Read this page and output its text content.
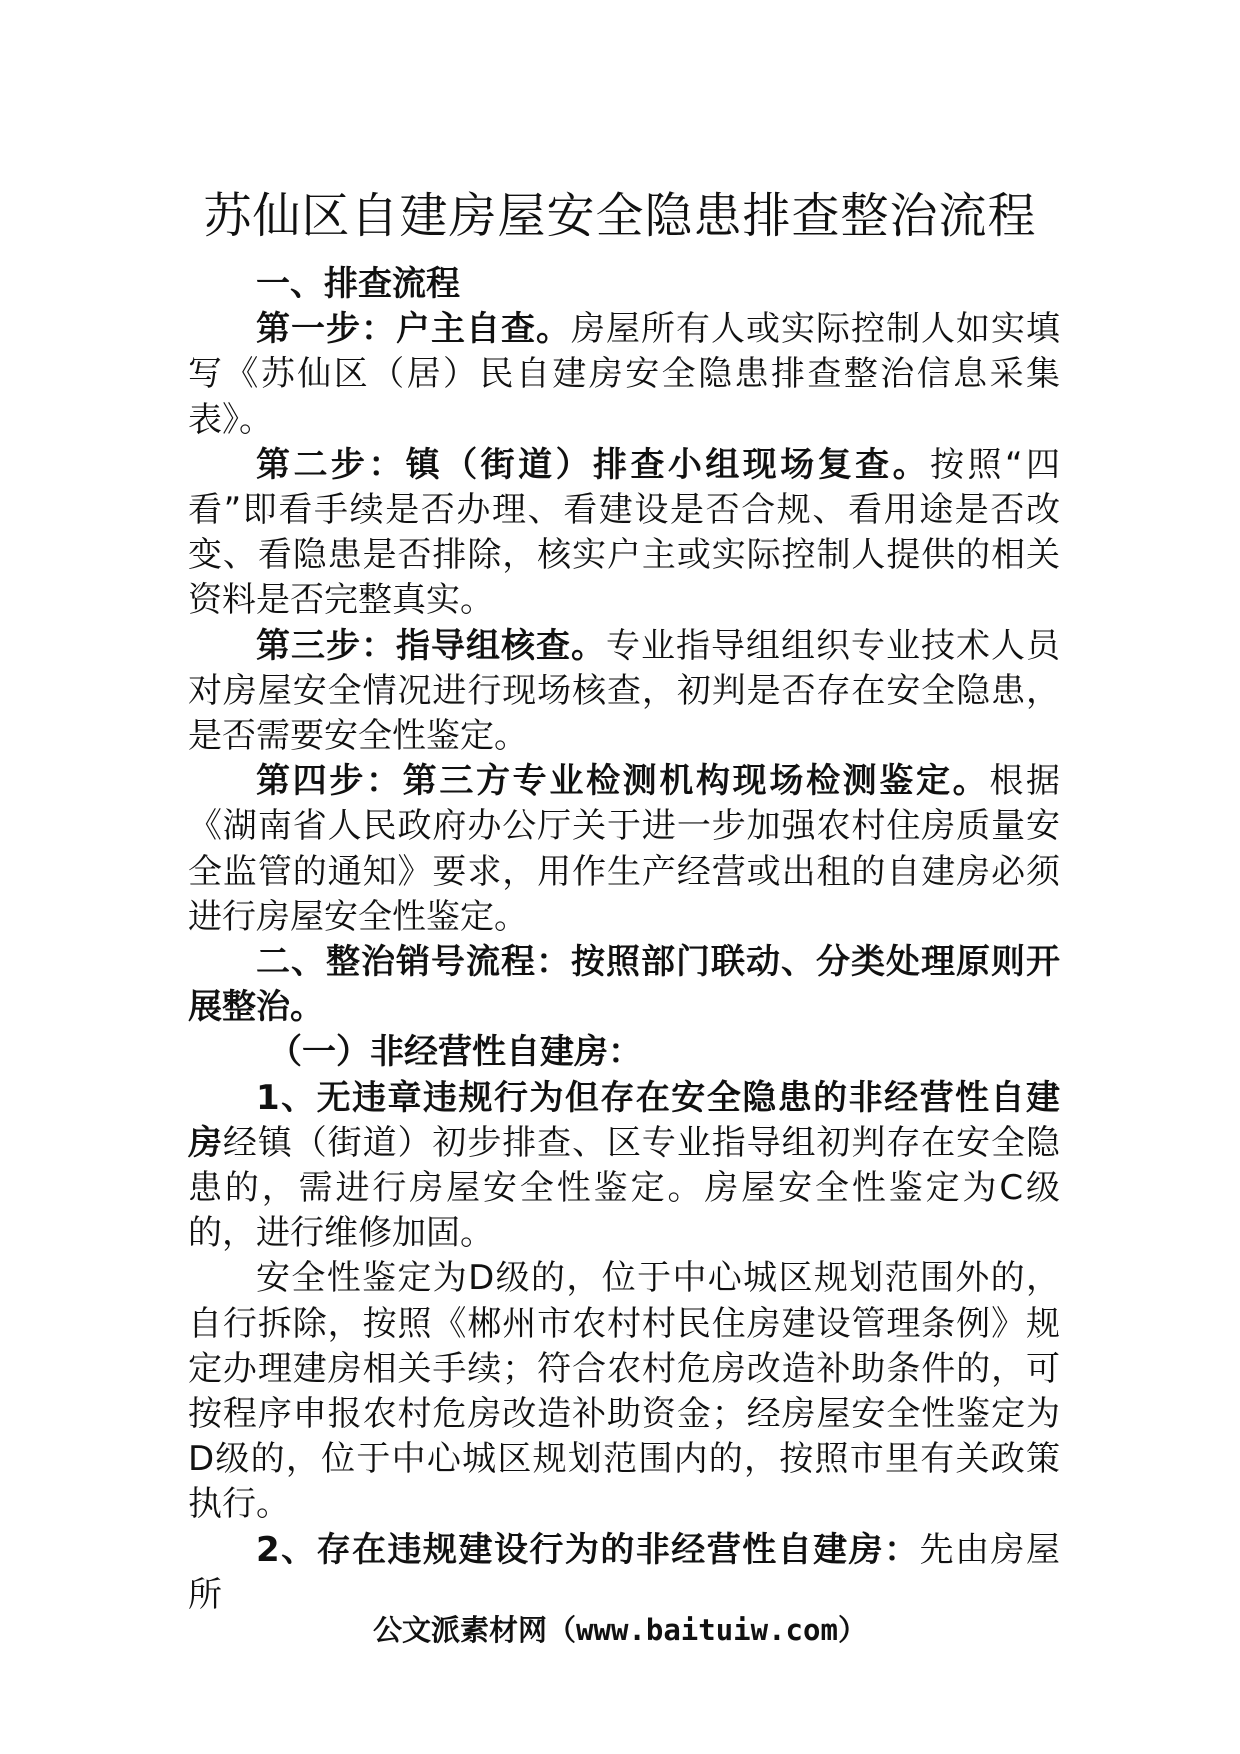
苏仙区自建房屋安全隐患排查整治流程

一、排查流程

第一步：户主自查。房屋所有人或实际控制人如实填写《苏仙区（居）民自建房安全隐患排查整治信息采集表》。

第二步：镇（街道）排查小组现场复查。按照“四看”即看手续是否办理、看建设是否合规、看用途是否改变、看隐患是否排除，核实户主或实际控制人提供的相关资料是否完整真实。

第三步：指导组核查。专业指导组组织专业技术人员对房屋安全情况进行现场核查，初判是否存在安全隐患，是否需要安全性鉴定。

第四步：第三方专业检测机构现场检测鉴定。根据《湖南省人民政府办公厅关于进一步加强农村住房质量安全监管的通知》要求，用作生产经营或出租的自建房必须进行房屋安全性鉴定。

二、整治销号流程：按照部门联动、分类处理原则开展整治。

（一）非经营性自建房：

1、无违章违规行为但存在安全隐患的非经营性自建房经镇（街道）初步排查、区专业指导组初判存在安全隐患的，需进行房屋安全性鉴定。房屋安全性鉴定为C级的，进行维修加固。

安全性鉴定为D级的，位于中心城区规划范围外的，自行拆除，按照《郴州市农村村民住房建设管理条例》规定办理建房相关手续；符合农村危房改造补助条件的，可按程序申报农村危房改造补助资金；经房屋安全性鉴定为D级的，位于中心城区规划范围内的，按照市里有关政策执行。

2、存在违规建设行为的非经营性自建房：先由房屋所

公文派素材网（www.baituiw.com）
